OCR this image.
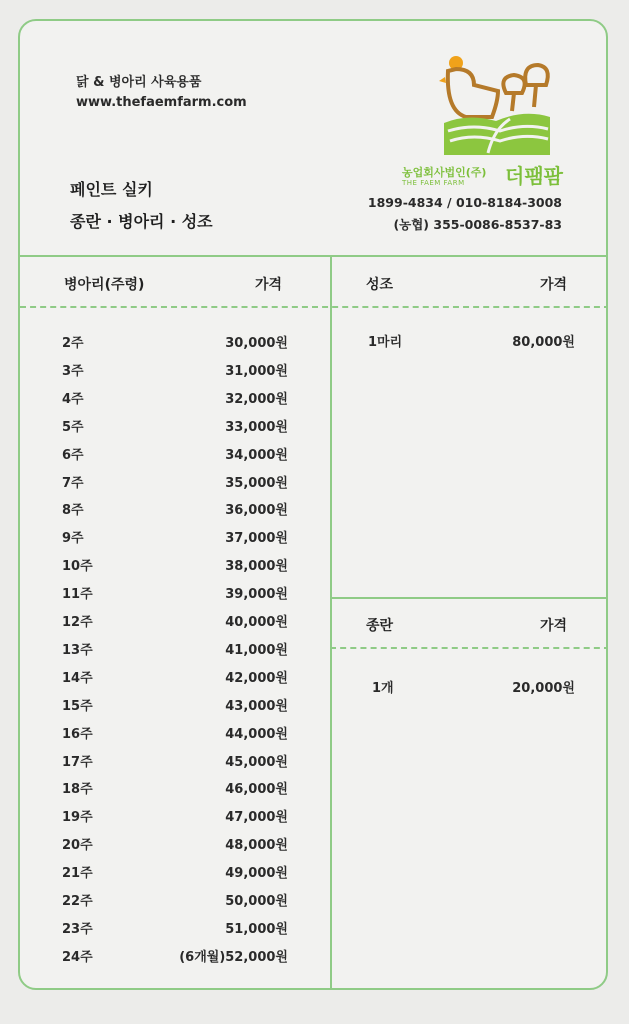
닭 & 병아리 사육용품
www.thefaemfarm.com
페인트 실키
종란 · 병아리 · 성조
농업회사법인(주)
THE FAEM FARM 더팸팜
1899-4834 / 010-8184-3008
(농협) 355-0086-8537-83
병아리(주령)	가격
2주	30,000원
3주	31,000원
4주	32,000원
5주	33,000원
6주	34,000원
7주	35,000원
8주	36,000원
9주	37,000원
10주	38,000원
11주	39,000원
12주	40,000원
13주	41,000원
14주	42,000원
15주	43,000원
16주	44,000원
17주	45,000원
18주	46,000원
19주	47,000원
20주	48,000원
21주	49,000원
22주	50,000원
23주	51,000원
24주	(6개월)52,000원
성조	가격
1마리	80,000원
종란	가격
1개	20,000원
